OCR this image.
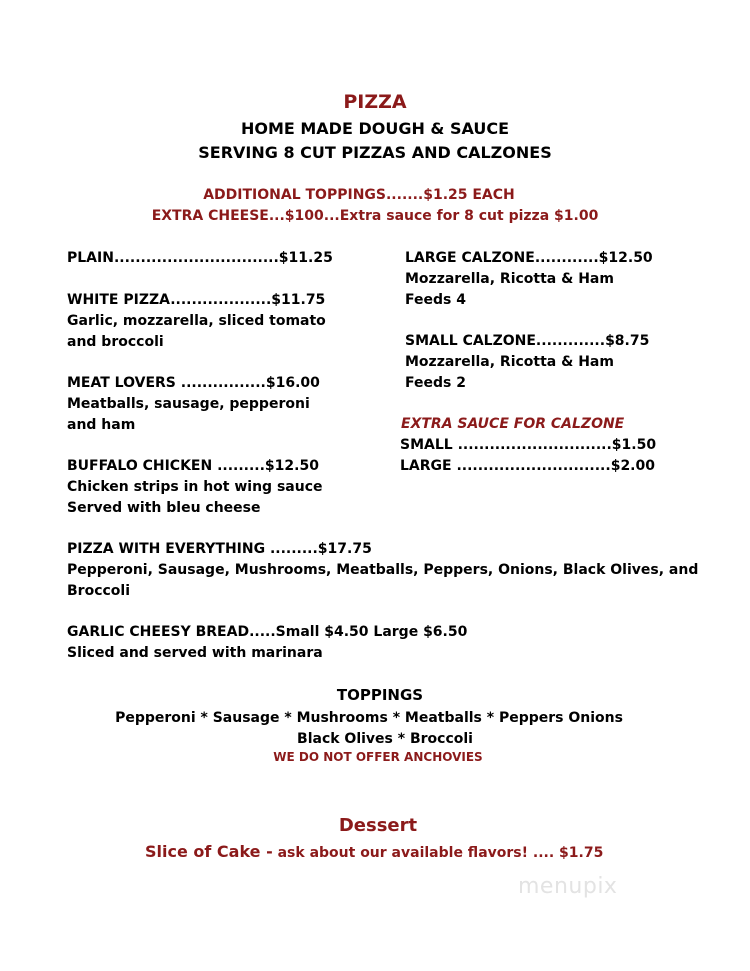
PIZZA
HOME MADE DOUGH & SAUCE
SERVING 8 CUT PIZZAS AND CALZONES
ADDITIONAL TOPPINGS.......$1.25 EACH
EXTRA CHEESE...$100...Extra sauce for 8 cut pizza $1.00
PLAIN...............................$11.25
WHITE PIZZA...................$11.75
Garlic, mozzarella, sliced tomato
and broccoli
MEAT LOVERS ................$16.00
Meatballs, sausage, pepperoni
and ham
BUFFALO CHICKEN .........$12.50
Chicken strips in hot wing sauce
Served with bleu cheese
LARGE CALZONE............$12.50
Mozzarella, Ricotta & Ham
Feeds 4
SMALL CALZONE.............$8.75
Mozzarella, Ricotta & Ham
Feeds 2
EXTRA SAUCE FOR CALZONE
SMALL .............................$1.50
LARGE .............................$2.00
PIZZA WITH EVERYTHING .........$17.75
Pepperoni, Sausage, Mushrooms, Meatballs, Peppers, Onions, Black Olives, and
Broccoli
GARLIC CHEESY BREAD.....Small $4.50 Large $6.50
Sliced and served with marinara
TOPPINGS
Pepperoni * Sausage * Mushrooms * Meatballs * Peppers Onions
Black Olives * Broccoli
WE DO NOT OFFER ANCHOVIES
Dessert
Slice of Cake - ask about our available flavors! .... $1.75
menupix
